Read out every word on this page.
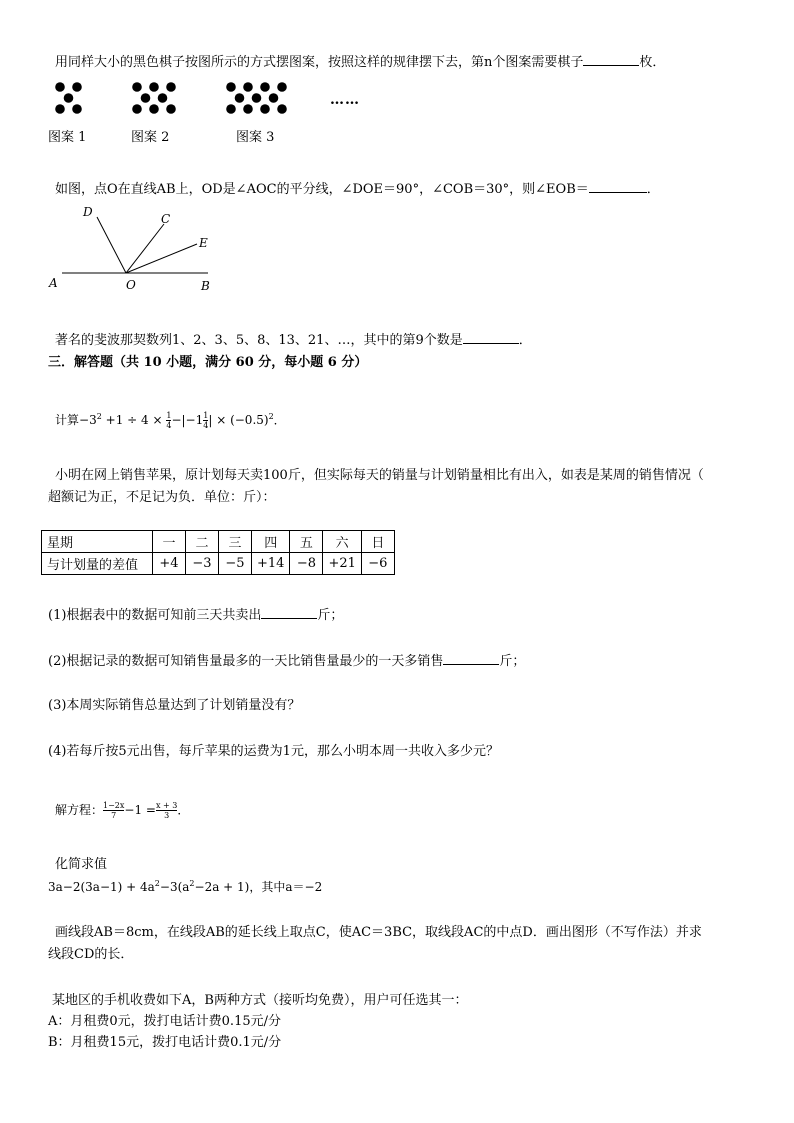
用同样大小的黑色棋子按图所示的方式摆图案，按照这样的规律摆下去，第n个图案需要棋子	枚．
……
图案 1	图案 2	图案 3
如图，点O在直线AB上，OD是∠AOC的平分线，∠DOE＝90°，∠COB＝30°，则∠EOB＝	．
D	C
E
A	O	B
著名的斐波那契数列1、2、3、5、8、13、21、…，其中的第9个数是	．
三．解答题（共 10 小题，满分 60 分，每小题 6 分）
计算$-3^2 +1 \div 4 \times \frac{1}{4} -|-1 \frac{1}{4}$ | × $(-0.5)^2$．
小明在网上销售苹果，原计划每天卖100斤，但实际每天的销量与计划销量相比有出入，如表是某周的销售情况（
超额记为正，不足记为负．单位：斤）：
星期	一	二	三	四	五	六	日
与计划量的差值	+4	−3	−5	+14	−8	+21	−6
(1)根据表中的数据可知前三天共卖出	斤；
(2)根据记录的数据可知销售量最多的一天比销售量最少的一天多销售	斤；
(3)本周实际销售总量达到了计划销量没有？
(4)若每斤按5元出售，每斤苹果的运费为1元，那么小明本周一共收入多少元？
解方程： $\frac{1-2x}{7} -1 = \frac{x + 3}{3}$ ．
化简求值
$3a-2(3a-1) + 4a^2-3(a^2-2a + 1)$，其中a＝−2
画线段AB＝8cm，在线段AB的延长线上取点C，使AC＝3BC，取线段AC的中点D．画出图形（不写作法）并求
线段CD的长．
某地区的手机收费如下A，B两种方式（接听均免费），用户可任选其一：
A：月租费0元，拨打电话计费0.15元/分
B：月租费15元，拨打电话计费0.1元/分
